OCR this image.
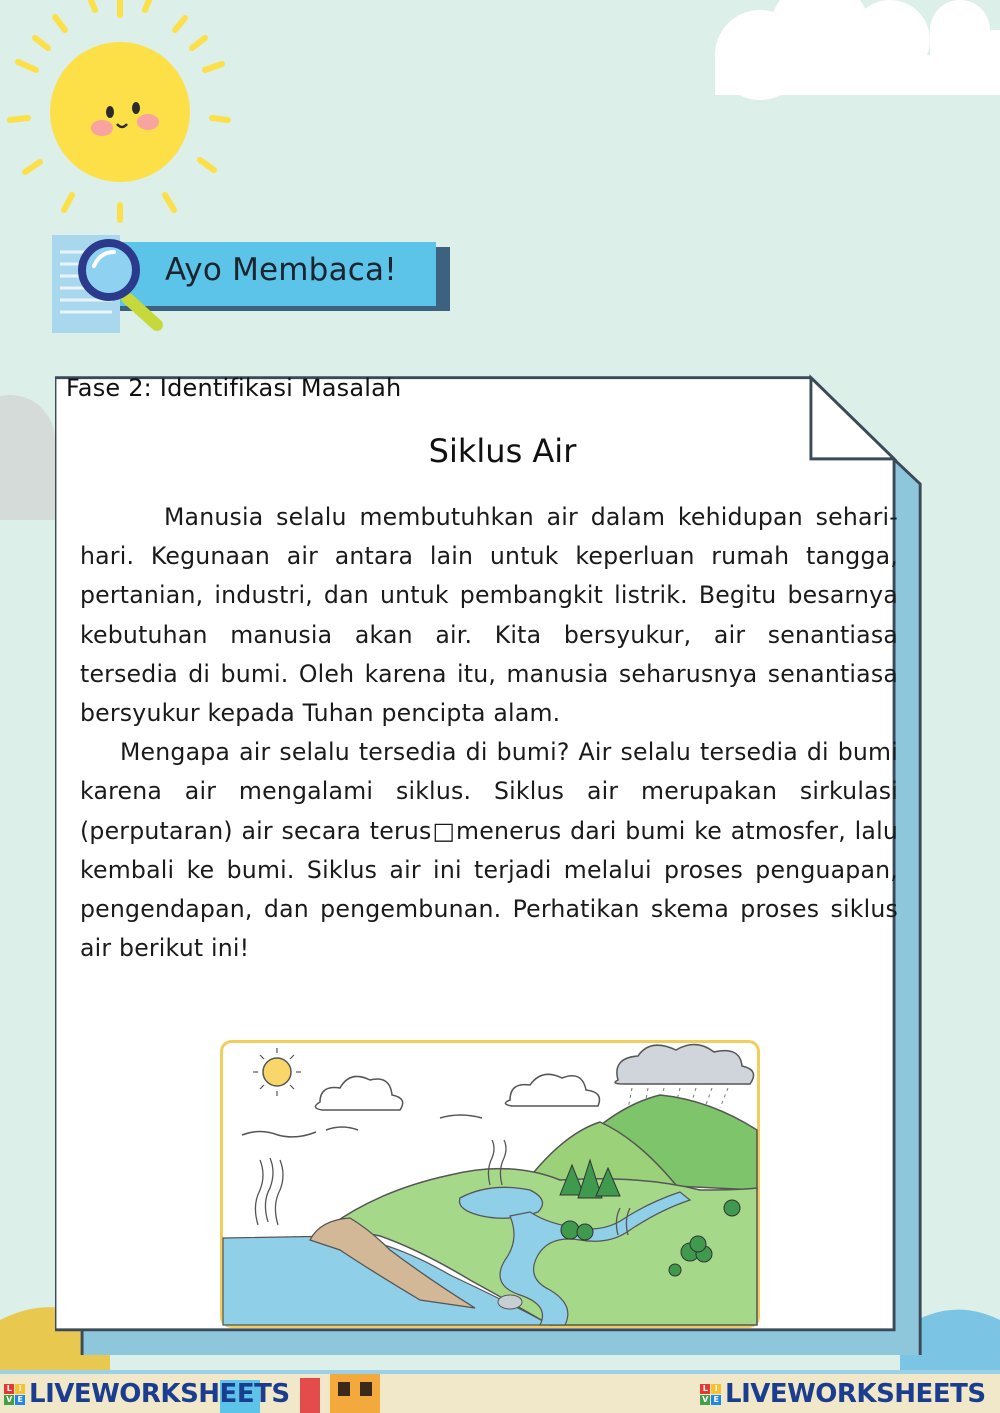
Ayo Membaca!
Fase 2: Identifikasi Masalah
Siklus Air

Manusia selalu membutuhkan air dalam kehidupan sehari-hari. Kegunaan air antara lain untuk keperluan rumah tangga, pertanian, industri, dan untuk pembangkit listrik. Begitu besarnya kebutuhan manusia akan air. Kita bersyukur, air senantiasa tersedia di bumi. Oleh karena itu, manusia seharusnya senantiasa bersyukur kepada Tuhan pencipta alam.

Mengapa air selalu tersedia di bumi? Air selalu tersedia di bumi karena air mengalami siklus. Siklus air merupakan sirkulasi (perputaran) air secara terus□menerus dari bumi ke atmosfer, lalu kembali ke bumi. Siklus air ini terjadi melalui proses penguapan, pengendapan, dan pengembunan. Perhatikan skema proses siklus air berikut ini!

L I
V E LIVEWORKSHEETS	L I
V E LIVEWORKSHEETS
